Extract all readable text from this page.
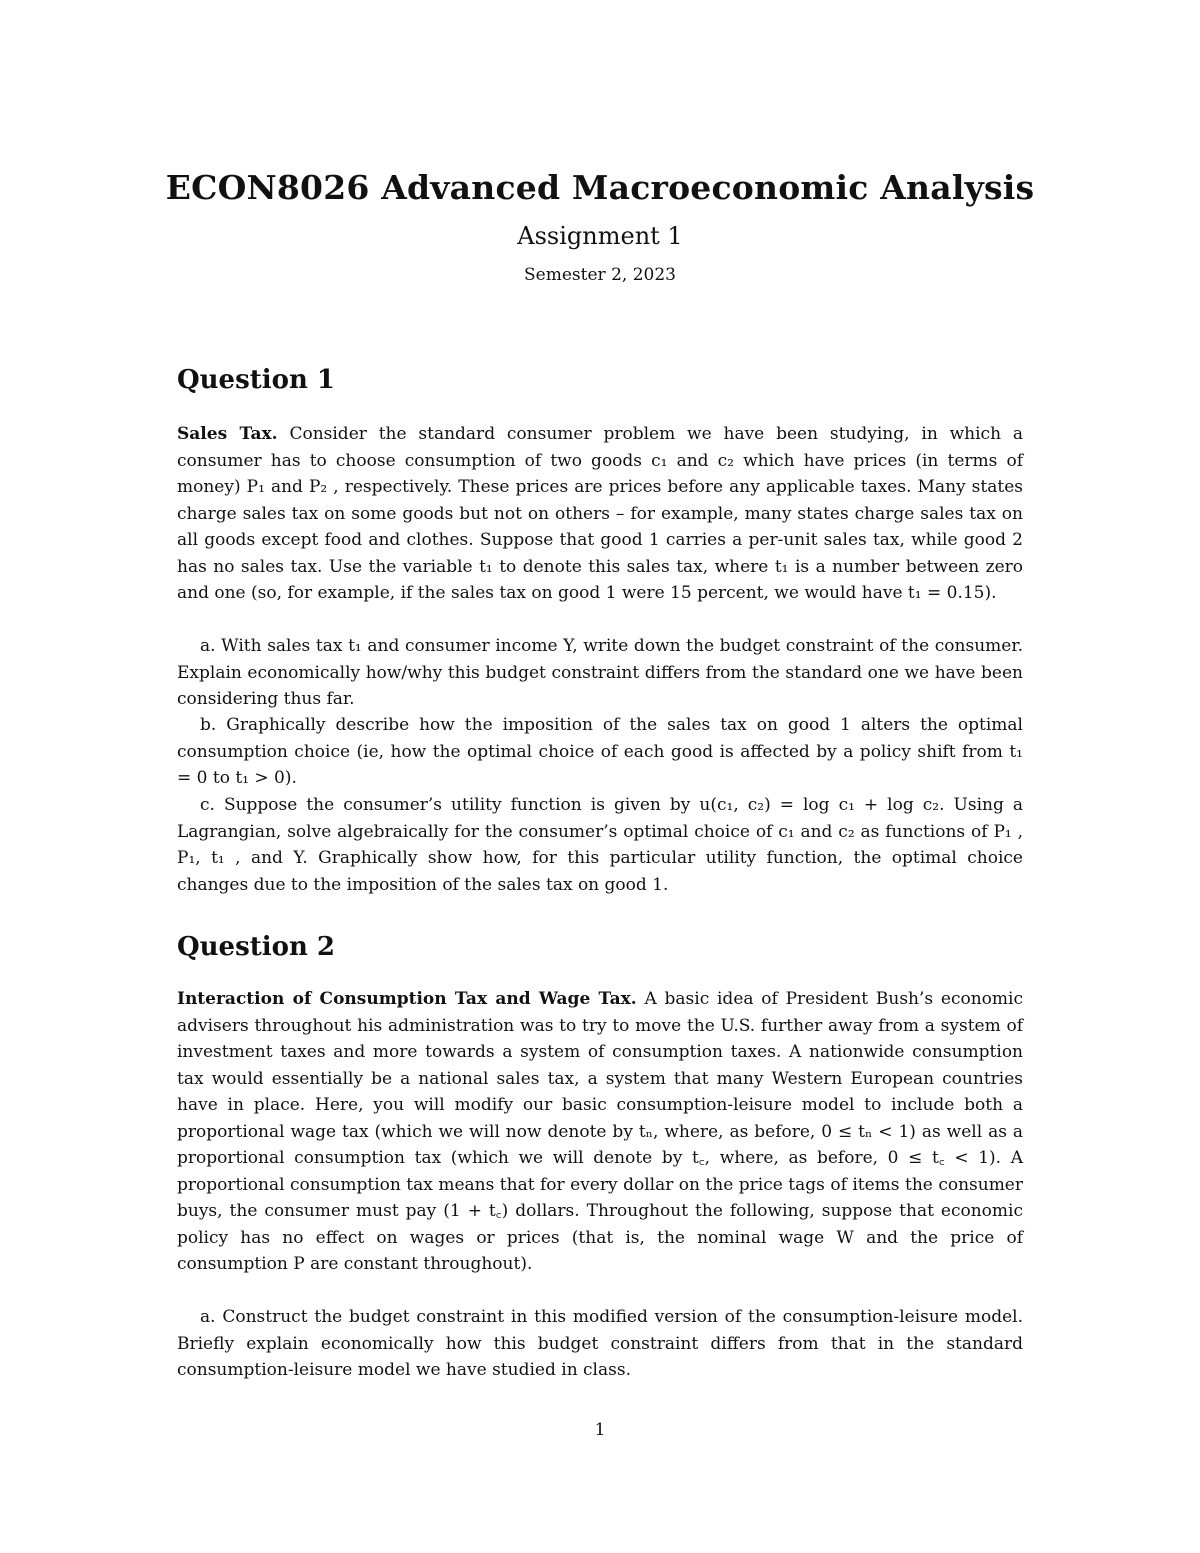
ECON8026 Advanced Macroeconomic Analysis
Assignment 1
Semester 2, 2023
Question 1

Sales Tax. Consider the standard consumer problem we have been studying, in which a consumer has to choose consumption of two goods c₁ and c₂ which have prices (in terms of money) P₁ and P₂ , respectively. These prices are prices before any applicable taxes. Many states charge sales tax on some goods but not on others – for example, many states charge sales tax on all goods except food and clothes. Suppose that good 1 carries a per-unit sales tax, while good 2 has no sales tax. Use the variable t₁ to denote this sales tax, where t₁ is a number between zero and one (so, for example, if the sales tax on good 1 were 15 percent, we would have t₁ = 0.15).

a. With sales tax t₁ and consumer income Y, write down the budget constraint of the consumer. Explain economically how/why this budget constraint differs from the standard one we have been considering thus far.

b. Graphically describe how the imposition of the sales tax on good 1 alters the optimal consumption choice (ie, how the optimal choice of each good is affected by a policy shift from t₁ = 0 to t₁ > 0).

c. Suppose the consumer’s utility function is given by u(c₁, c₂) = log c₁ + log c₂. Using a Lagrangian, solve algebraically for the consumer’s optimal choice of c₁ and c₂ as functions of P₁ , P₁, t₁ , and Y. Graphically show how, for this particular utility function, the optimal choice changes due to the imposition of the sales tax on good 1.

Question 2

Interaction of Consumption Tax and Wage Tax. A basic idea of President Bush’s economic advisers throughout his administration was to try to move the U.S. further away from a system of investment taxes and more towards a system of consumption taxes. A nationwide consumption tax would essentially be a national sales tax, a system that many Western European countries have in place. Here, you will modify our basic consumption-leisure model to include both a proportional wage tax (which we will now denote by tₙ, where, as before, 0 ≤ tₙ < 1) as well as a proportional consumption tax (which we will denote by t꜀, where, as before, 0 ≤ t꜀ < 1). A proportional consumption tax means that for every dollar on the price tags of items the consumer buys, the consumer must pay (1 + t꜀) dollars. Throughout the following, suppose that economic policy has no effect on wages or prices (that is, the nominal wage W and the price of consumption P are constant throughout).

a. Construct the budget constraint in this modified version of the consumption-leisure model. Briefly explain economically how this budget constraint differs from that in the standard consumption-leisure model we have studied in class.

1
